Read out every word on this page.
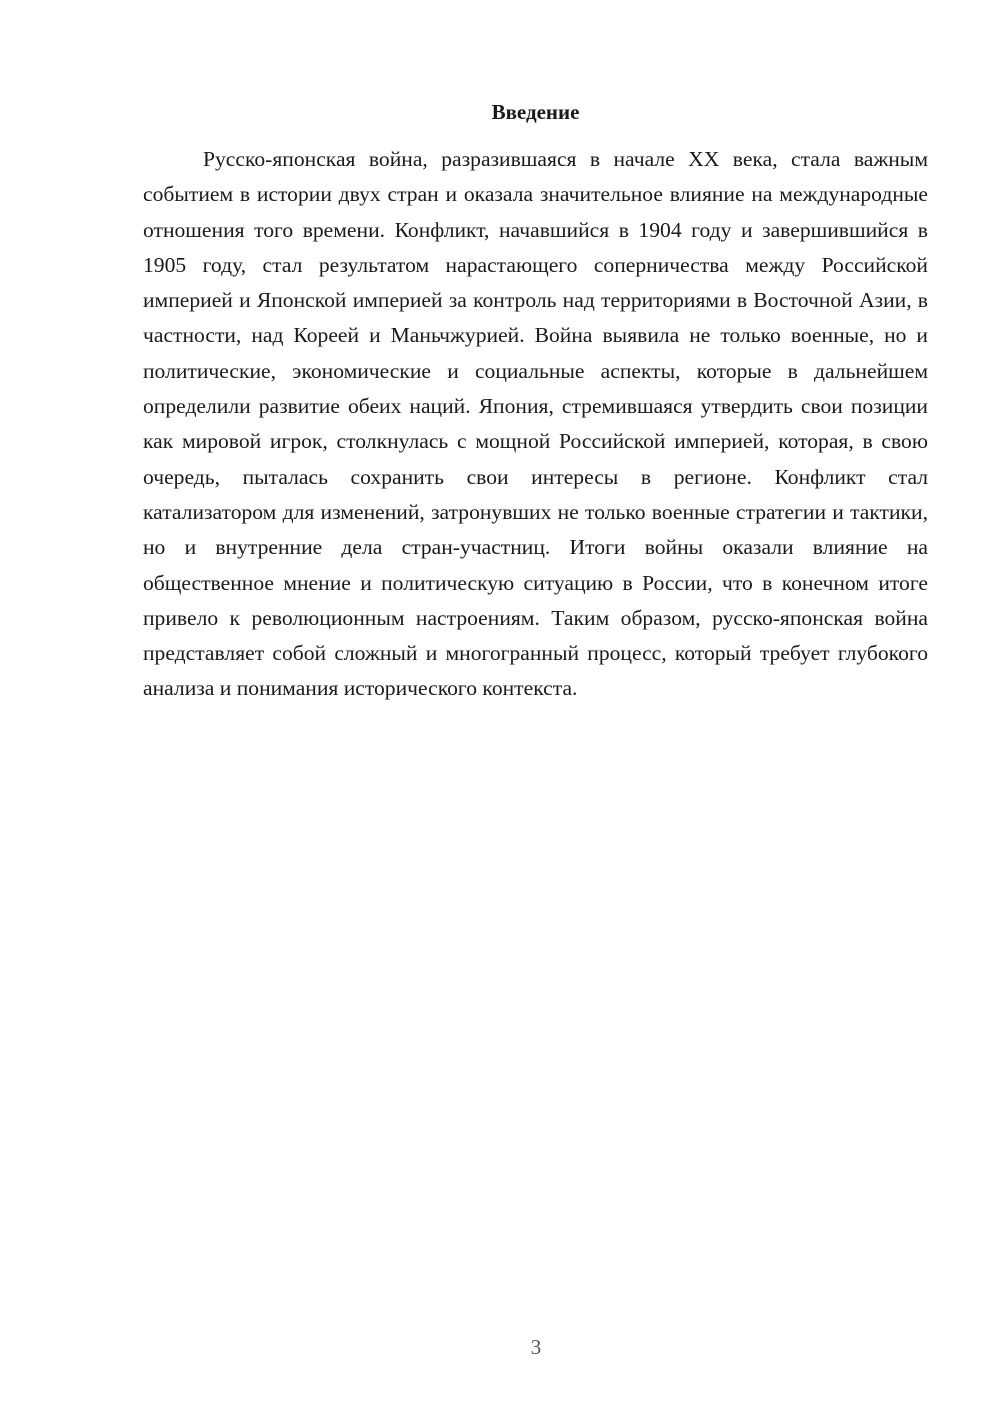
Введение

Русско-японская война, разразившаяся в начале XX века, стала важным событием в истории двух стран и оказала значительное влияние на международные отношения того времени. Конфликт, начавшийся в 1904 году и завершившийся в 1905 году, стал результатом нарастающего соперничества между Российской империей и Японской империей за контроль над территориями в Восточной Азии, в частности, над Кореей и Маньчжурией. Война выявила не только военные, но и политические, экономические и социальные аспекты, которые в дальнейшем определили развитие обеих наций. Япония, стремившаяся утвердить свои позиции как мировой игрок, столкнулась с мощной Российской империей, которая, в свою очередь, пыталась сохранить свои интересы в регионе. Конфликт стал катализатором для изменений, затронувших не только военные стратегии и тактики, но и внутренние дела стран-участниц. Итоги войны оказали влияние на общественное мнение и политическую ситуацию в России, что в конечном итоге привело к революционным настроениям. Таким образом, русско-японская война представляет собой сложный и многогранный процесс, который требует глубокого анализа и понимания исторического контекста.

3
